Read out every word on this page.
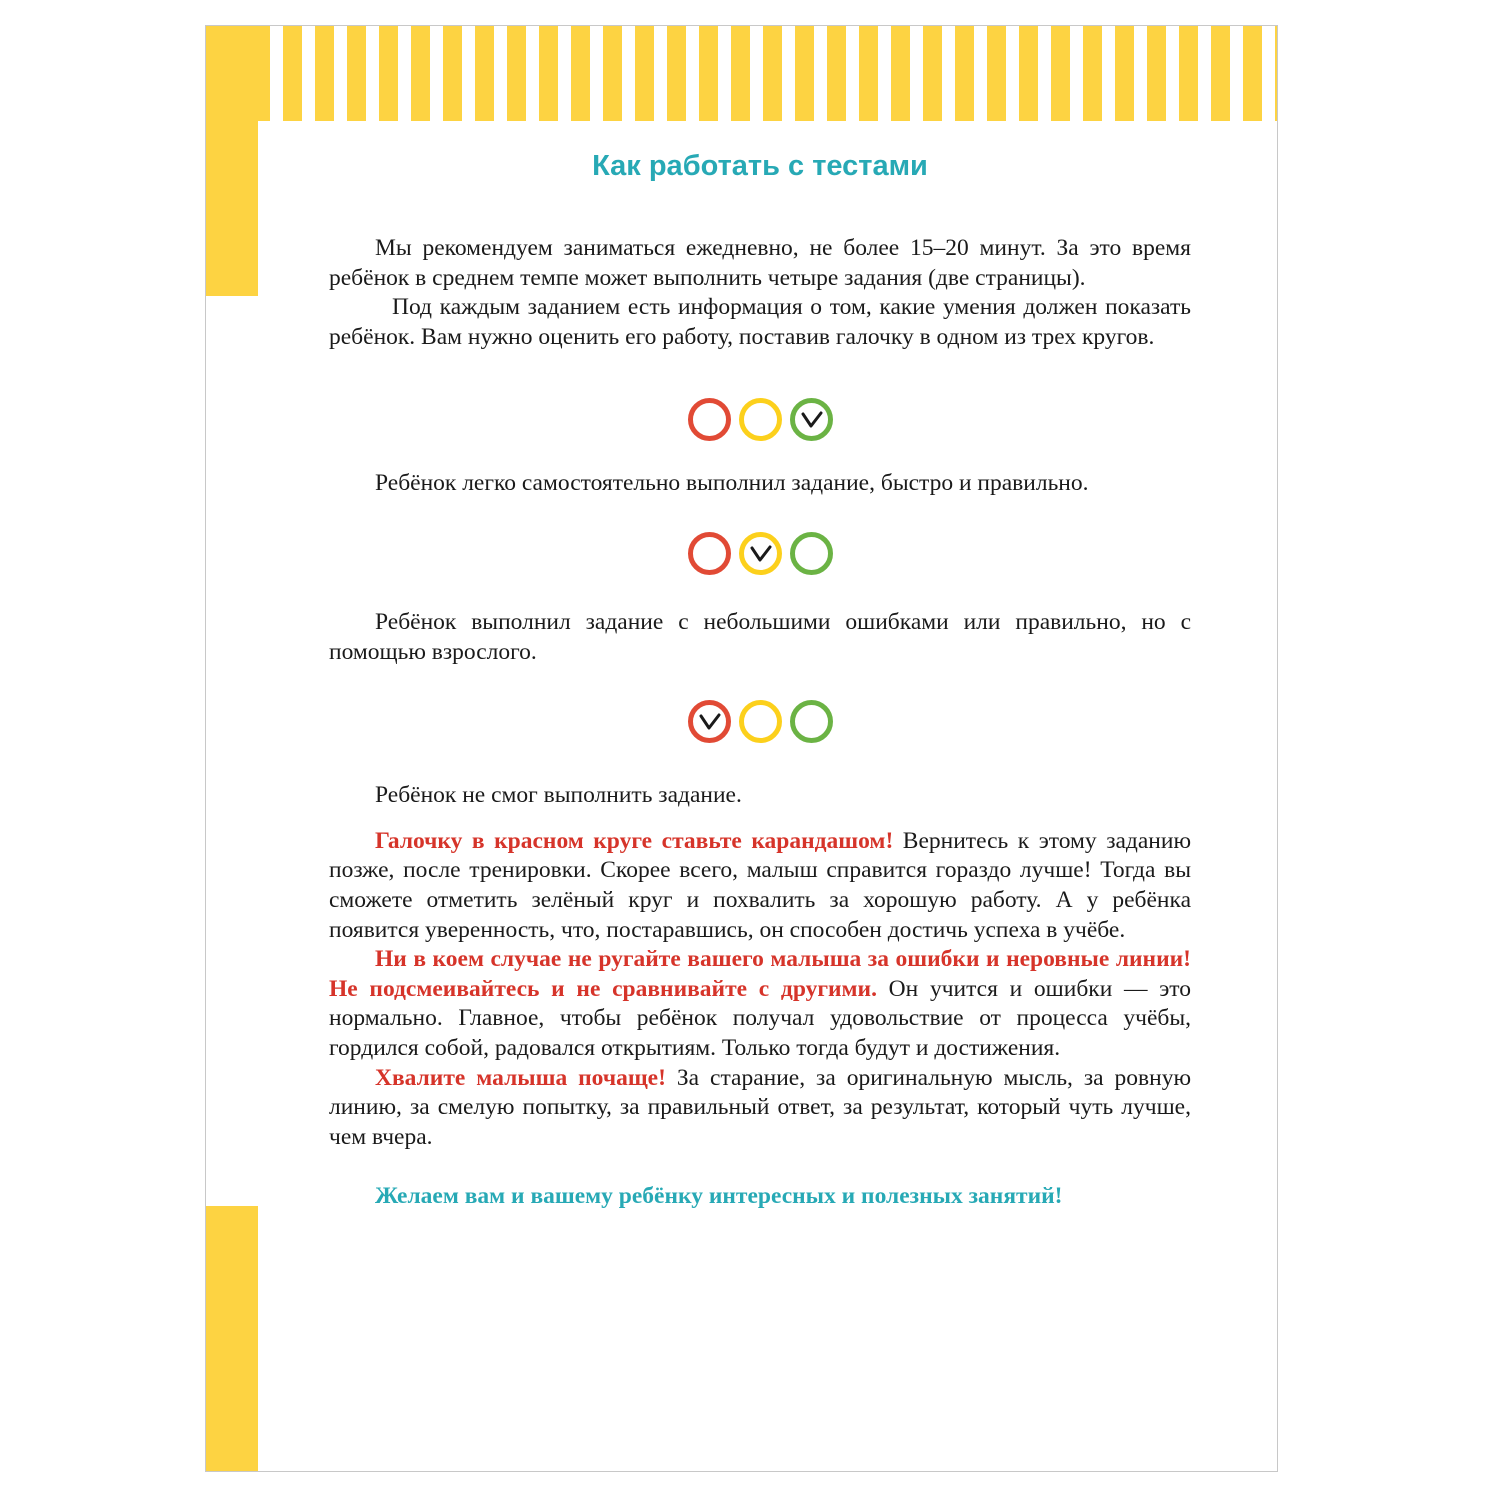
Как работать с тестами

Мы рекомендуем заниматься ежедневно, не более 15–20 минут. За это время ребёнок в среднем темпе может выполнить четыре задания (две страницы).

Под каждым заданием есть информация о том, какие умения должен показать ребёнок. Вам нужно оценить его работу, поставив галочку в одном из трех кругов.

Ребёнок легко самостоятельно выполнил задание, быстро и правильно.

Ребёнок выполнил задание с небольшими ошибками или правильно, но с помощью взрослого.

Ребёнок не смог выполнить задание.

Галочку в красном круге ставьте карандашом! Вернитесь к этому заданию позже, после тренировки. Скорее всего, малыш справится гораздо лучше! Тогда вы сможете отметить зелёный круг и похвалить за хорошую работу. А у ребёнка появится уверенность, что, постаравшись, он способен достичь успеха в учёбе.

Ни в коем случае не ругайте вашего малыша за ошибки и неровные линии! Не подсмеивайтесь и не сравнивайте с другими. Он учится и ошибки — это нормально. Главное, чтобы ребёнок получал удовольствие от процесса учёбы, гордился собой, радовался открытиям. Только тогда будут и достижения.

Хвалите малыша почаще! За старание, за оригинальную мысль, за ровную линию, за смелую попытку, за правильный ответ, за результат, который чуть лучше, чем вчера.

Желаем вам и вашему ребёнку интересных и полезных занятий!
